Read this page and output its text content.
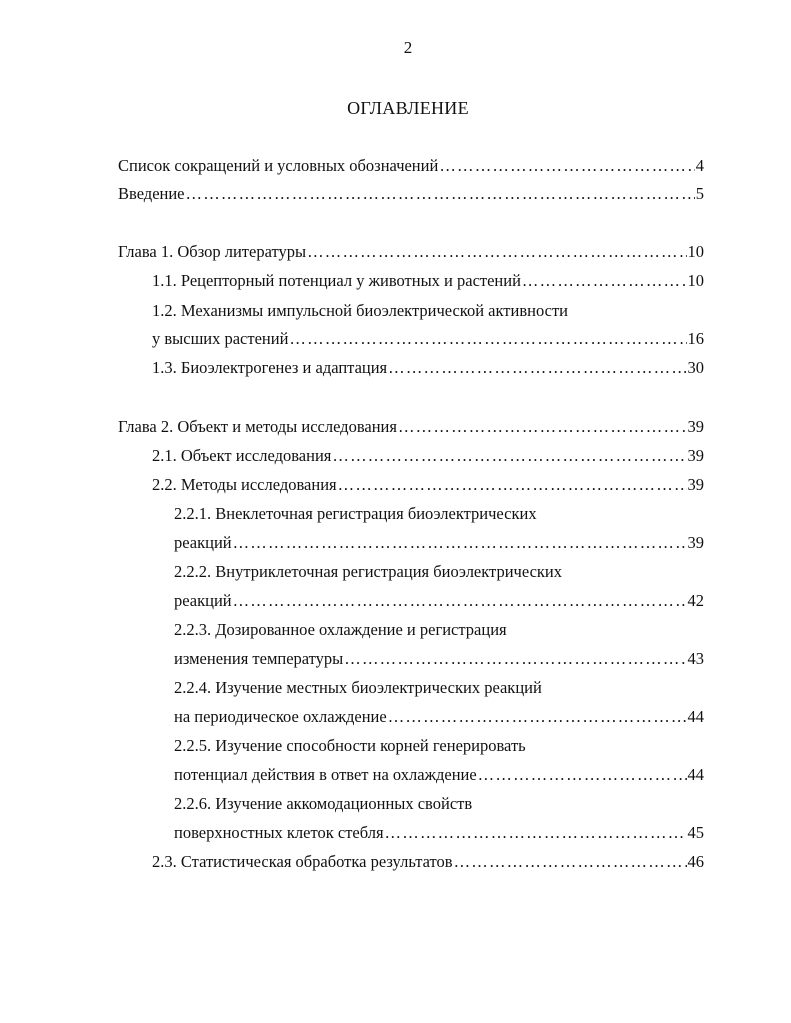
2
ОГЛАВЛЕНИЕ
Список сокращений и условных обозначений ……………………………………………………………………………………………………………………………………………………………………………………	4
Введение ……………………………………………………………………………………………………………………………………………………………………………………	5
Глава 1. Обзор литературы ……………………………………………………………………………………………………………………………………………………………………………………	10
1.1. Рецепторный потенциал у животных и растений ……………………………………………………………………………………………………………………………………………………………………………………	10
1.2. Механизмы импульсной биоэлектрической активности
у высших растений ……………………………………………………………………………………………………………………………………………………………………………………	16
1.3. Биоэлектрогенез и адаптация ……………………………………………………………………………………………………………………………………………………………………………………	30
Глава 2. Объект и методы исследования ……………………………………………………………………………………………………………………………………………………………………………………	39
2.1. Объект исследования ……………………………………………………………………………………………………………………………………………………………………………………	39
2.2. Методы исследования ……………………………………………………………………………………………………………………………………………………………………………………	39
2.2.1. Внеклеточная регистрация биоэлектрических
реакций ……………………………………………………………………………………………………………………………………………………………………………………	39
2.2.2. Внутриклеточная регистрация биоэлектрических
реакций ……………………………………………………………………………………………………………………………………………………………………………………	42
2.2.3. Дозированное охлаждение и регистрация
изменения температуры ……………………………………………………………………………………………………………………………………………………………………………………	43
2.2.4. Изучение местных биоэлектрических реакций
на периодическое охлаждение ……………………………………………………………………………………………………………………………………………………………………………………	44
2.2.5. Изучение способности корней генерировать
потенциал действия в ответ на охлаждение ……………………………………………………………………………………………………………………………………………………………………………………	44
2.2.6. Изучение аккомодационных свойств
поверхностных клеток стебля ……………………………………………………………………………………………………………………………………………………………………………………	45
2.3. Статистическая обработка результатов ……………………………………………………………………………………………………………………………………………………………………………………	46
